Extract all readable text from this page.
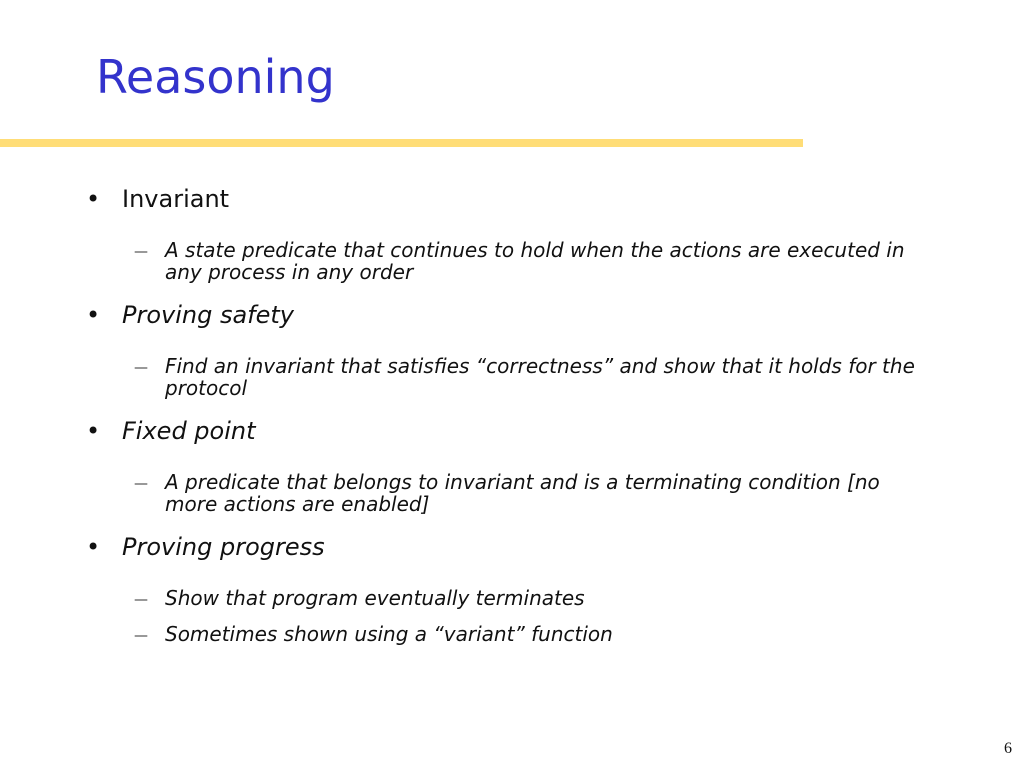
Reasoning
• Invariant
— A state predicate that continues to hold when the actions are executed in any process in any order
• Proving safety
— Find an invariant that satisfies “correctness” and show that it holds for the protocol
• Fixed point
— A predicate that belongs to invariant and is a terminating condition [no more actions are enabled]
• Proving progress
— Show that program eventually terminates
— Sometimes shown using a “variant” function
6
